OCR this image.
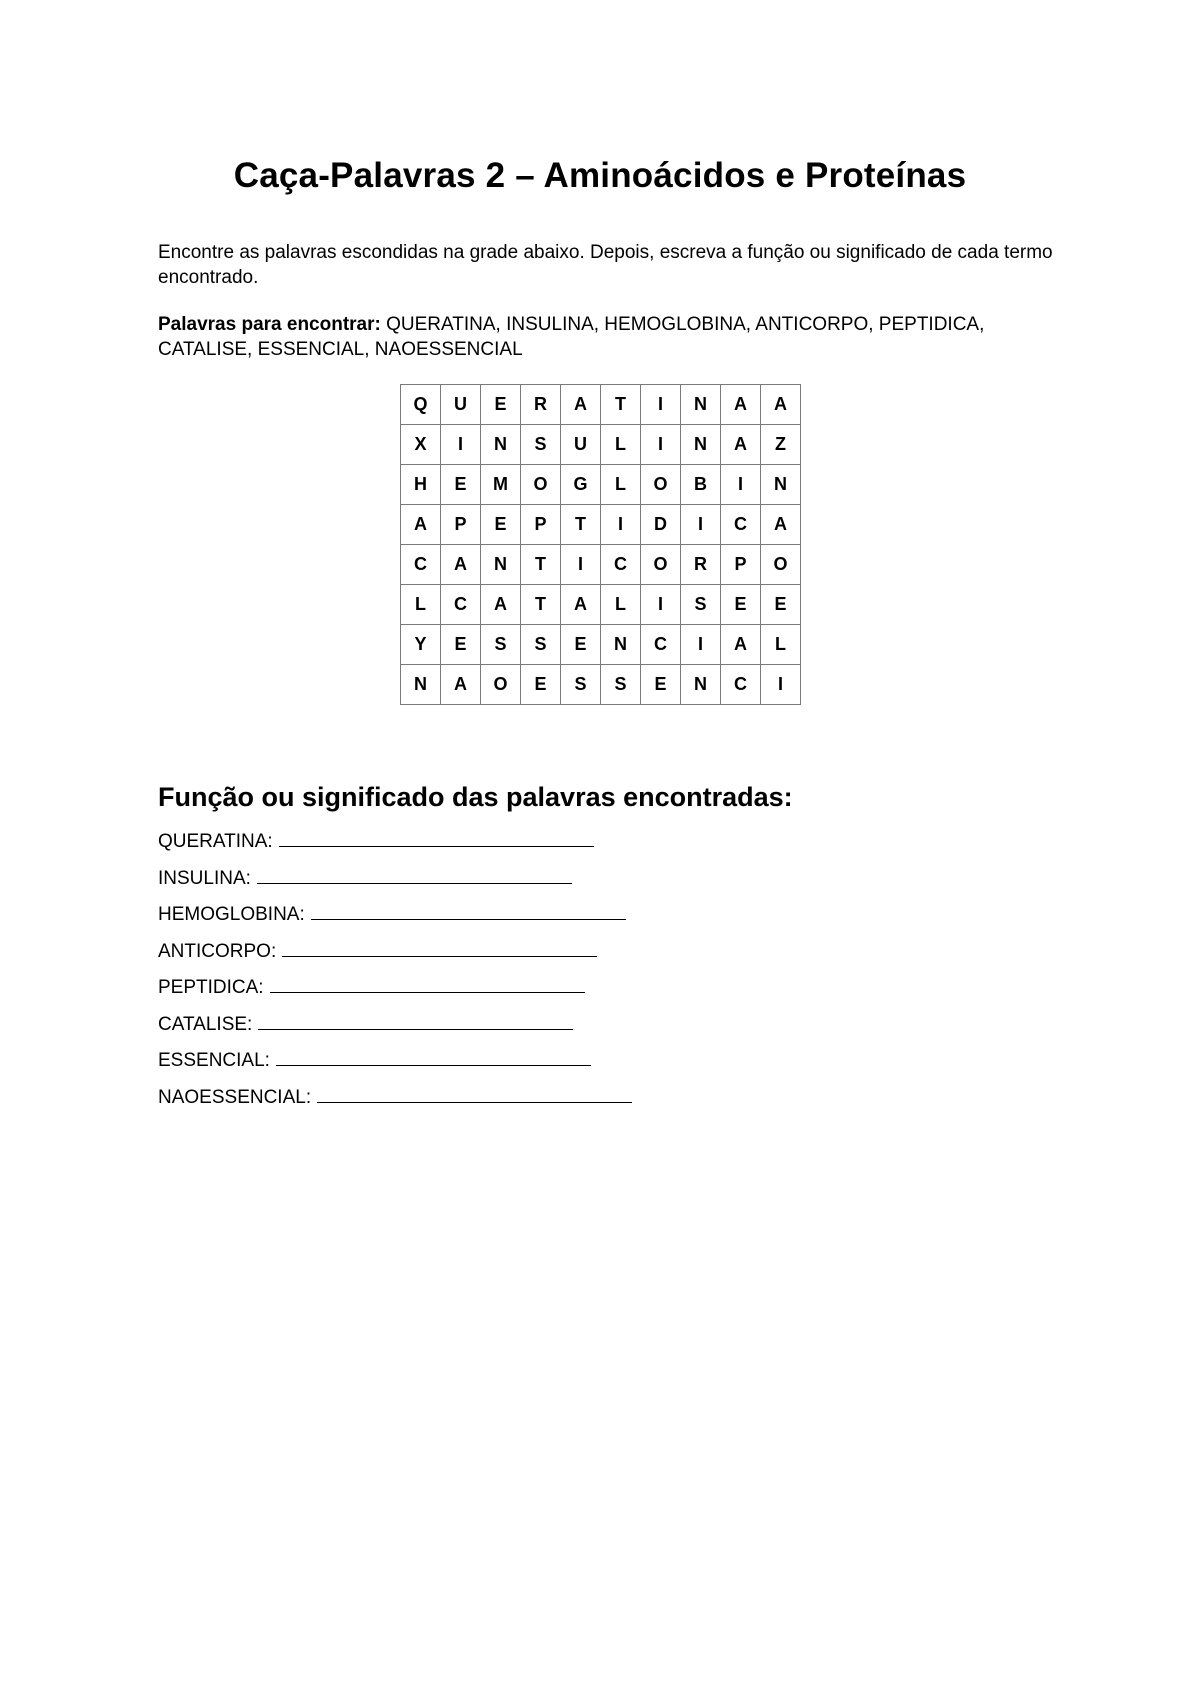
Caça-Palavras 2 – Aminoácidos e Proteínas

Encontre as palavras escondidas na grade abaixo. Depois, escreva a função ou significado de cada termo encontrado.

Palavras para encontrar: QUERATINA, INSULINA, HEMOGLOBINA, ANTICORPO, PEPTIDICA, CATALISE, ESSENCIAL, NAOESSENCIAL

Q	U	E	R	A	T	I	N	A	A
X	I	N	S	U	L	I	N	A	Z
H	E	M	O	G	L	O	B	I	N
A	P	E	P	T	I	D	I	C	A
C	A	N	T	I	C	O	R	P	O
L	C	A	T	A	L	I	S	E	E
Y	E	S	S	E	N	C	I	A	L
N	A	O	E	S	S	E	N	C	I
Função ou significado das palavras encontradas:
QUERATINA:
INSULINA:
HEMOGLOBINA:
ANTICORPO:
PEPTIDICA:
CATALISE:
ESSENCIAL:
NAOESSENCIAL:
